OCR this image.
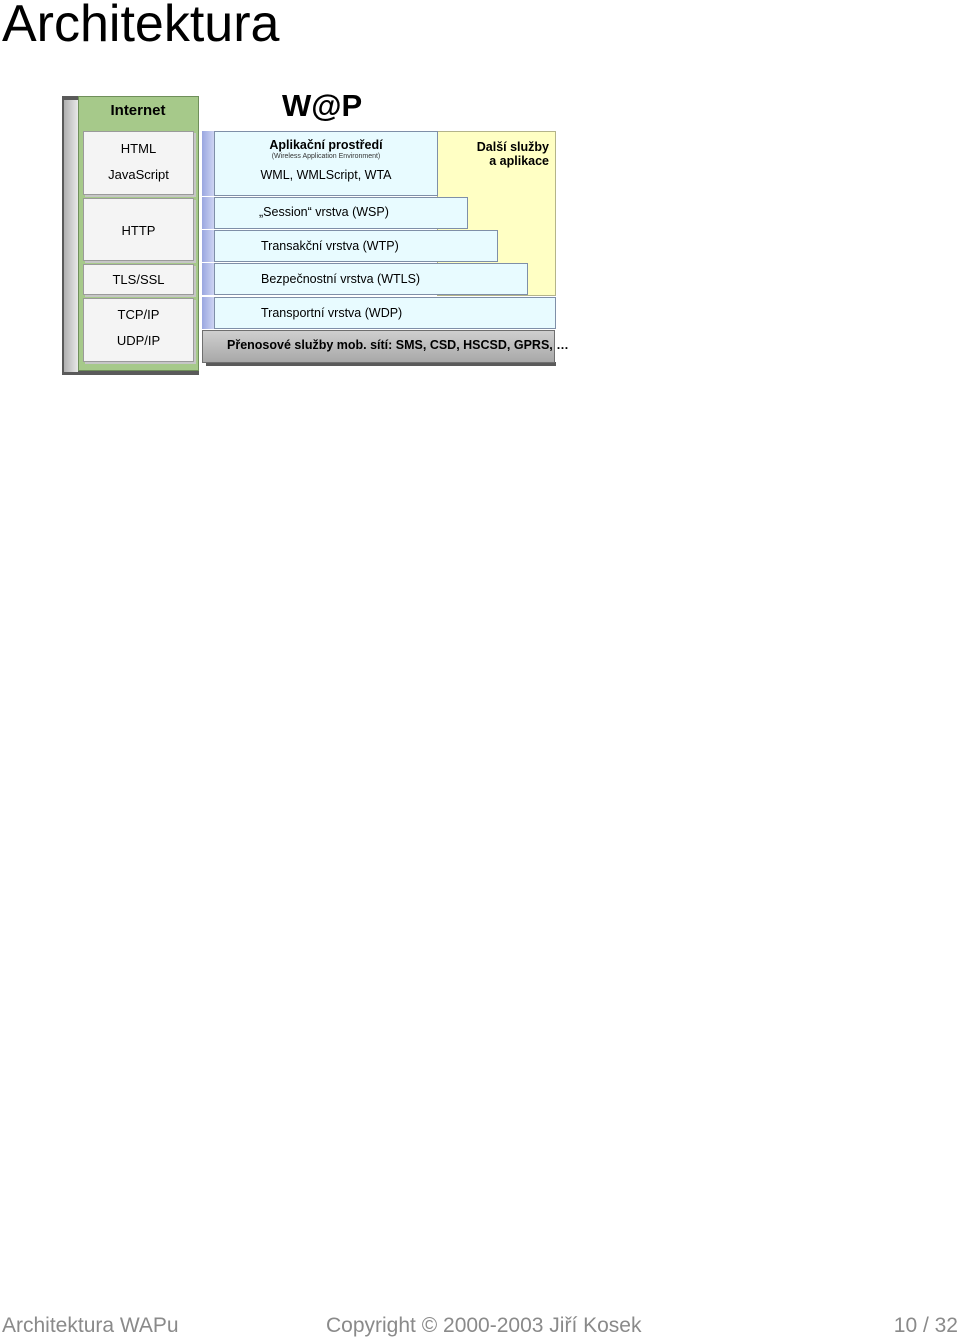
Architektura
Internet
HTML
JavaScript
HTTP
TLS/SSL
TCP/IP
UDP/IP
W@P
Další služby
a aplikace
Aplikační prostředí
(Wireless Application Environment)
WML, WMLScript, WTA
„Session“ vrstva (WSP)
Transakční vrstva (WTP)
Bezpečnostní vrstva (WTLS)
Transportní vrstva (WDP)
Přenosové služby mob. sítí: SMS, CSD, HSCSD, GPRS, …
Architektura WAPu	Copyright © 2000-2003 Jiří Kosek	10 / 32
